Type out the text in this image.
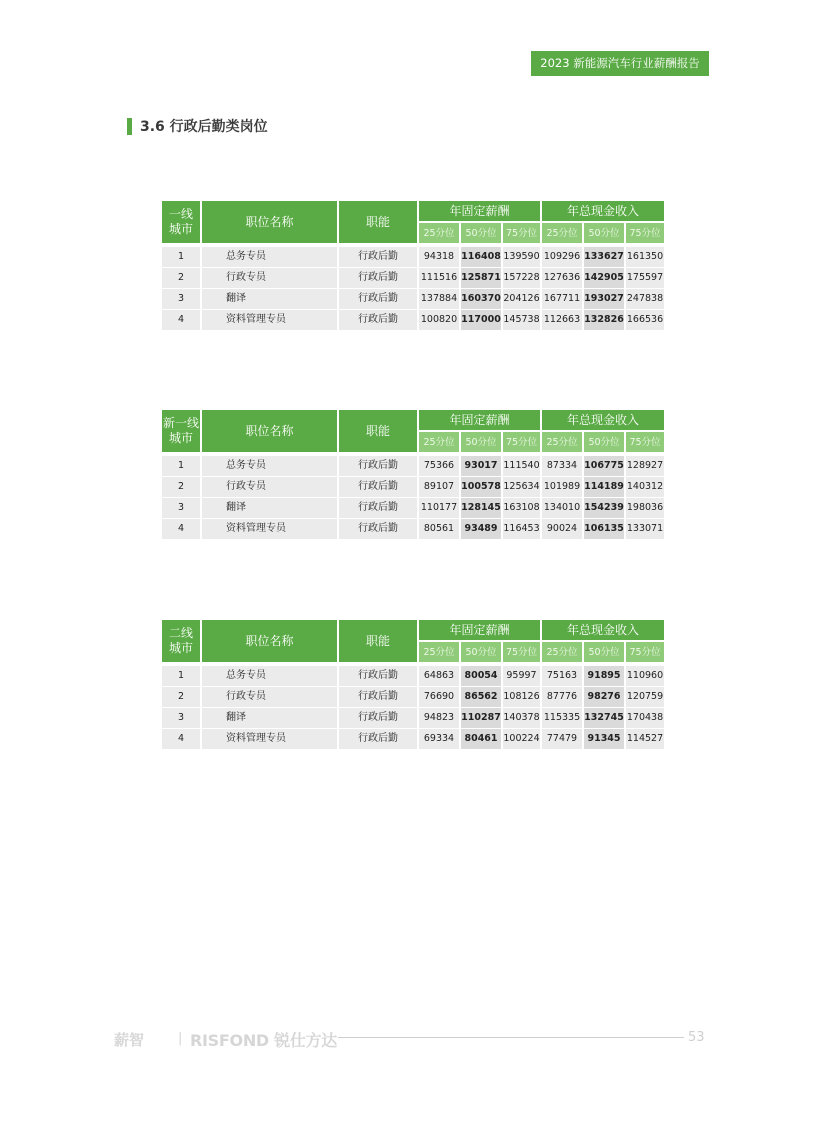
2023 新能源汽车行业薪酬报告
3.6 行政后勤类岗位
一线
城市
职位名称	职能
年固定薪酬	年总现金收入
25分位	50分位 75分位 25分位	50分位	75分位
1	总务专员	行政后勤	94318 116408 139590 109296 133627 161350
2	行政专员	行政后勤	111516 125871 157228 127636 142905 175597
3	翻译	行政后勤	137884 160370 204126 167711 193027 247838
4	资料管理专员	行政后勤	100820 117000 145738 112663 132826 166536
新一线
城市
职位名称	职能
年固定薪酬	年总现金收入
25分位	50分位 75分位 25分位	50分位	75分位
1	总务专员	行政后勤	75366	93017 111540 87334 106775 128927
2	行政专员	行政后勤	89107 100578 125634 101989 114189 140312
3	翻译	行政后勤	110177 128145 163108 134010 154239 198036
4	资料管理专员	行政后勤	80561	93489 116453 90024 106135 133071
二线
城市
职位名称	职能
年固定薪酬	年总现金收入
25分位	50分位 75分位 25分位	50分位	75分位
1	总务专员	行政后勤	64863	80054 95997	75163	91895 110960
2	行政专员	行政后勤	76690	86562 108126 87776	98276 120759
3	翻译	行政后勤	94823 110287 140378 115335 132745 170438
4	资料管理专员	行政后勤	69334	80461 100224 77479	91345 114527
薪智	| RISFOND 锐仕方达	53
